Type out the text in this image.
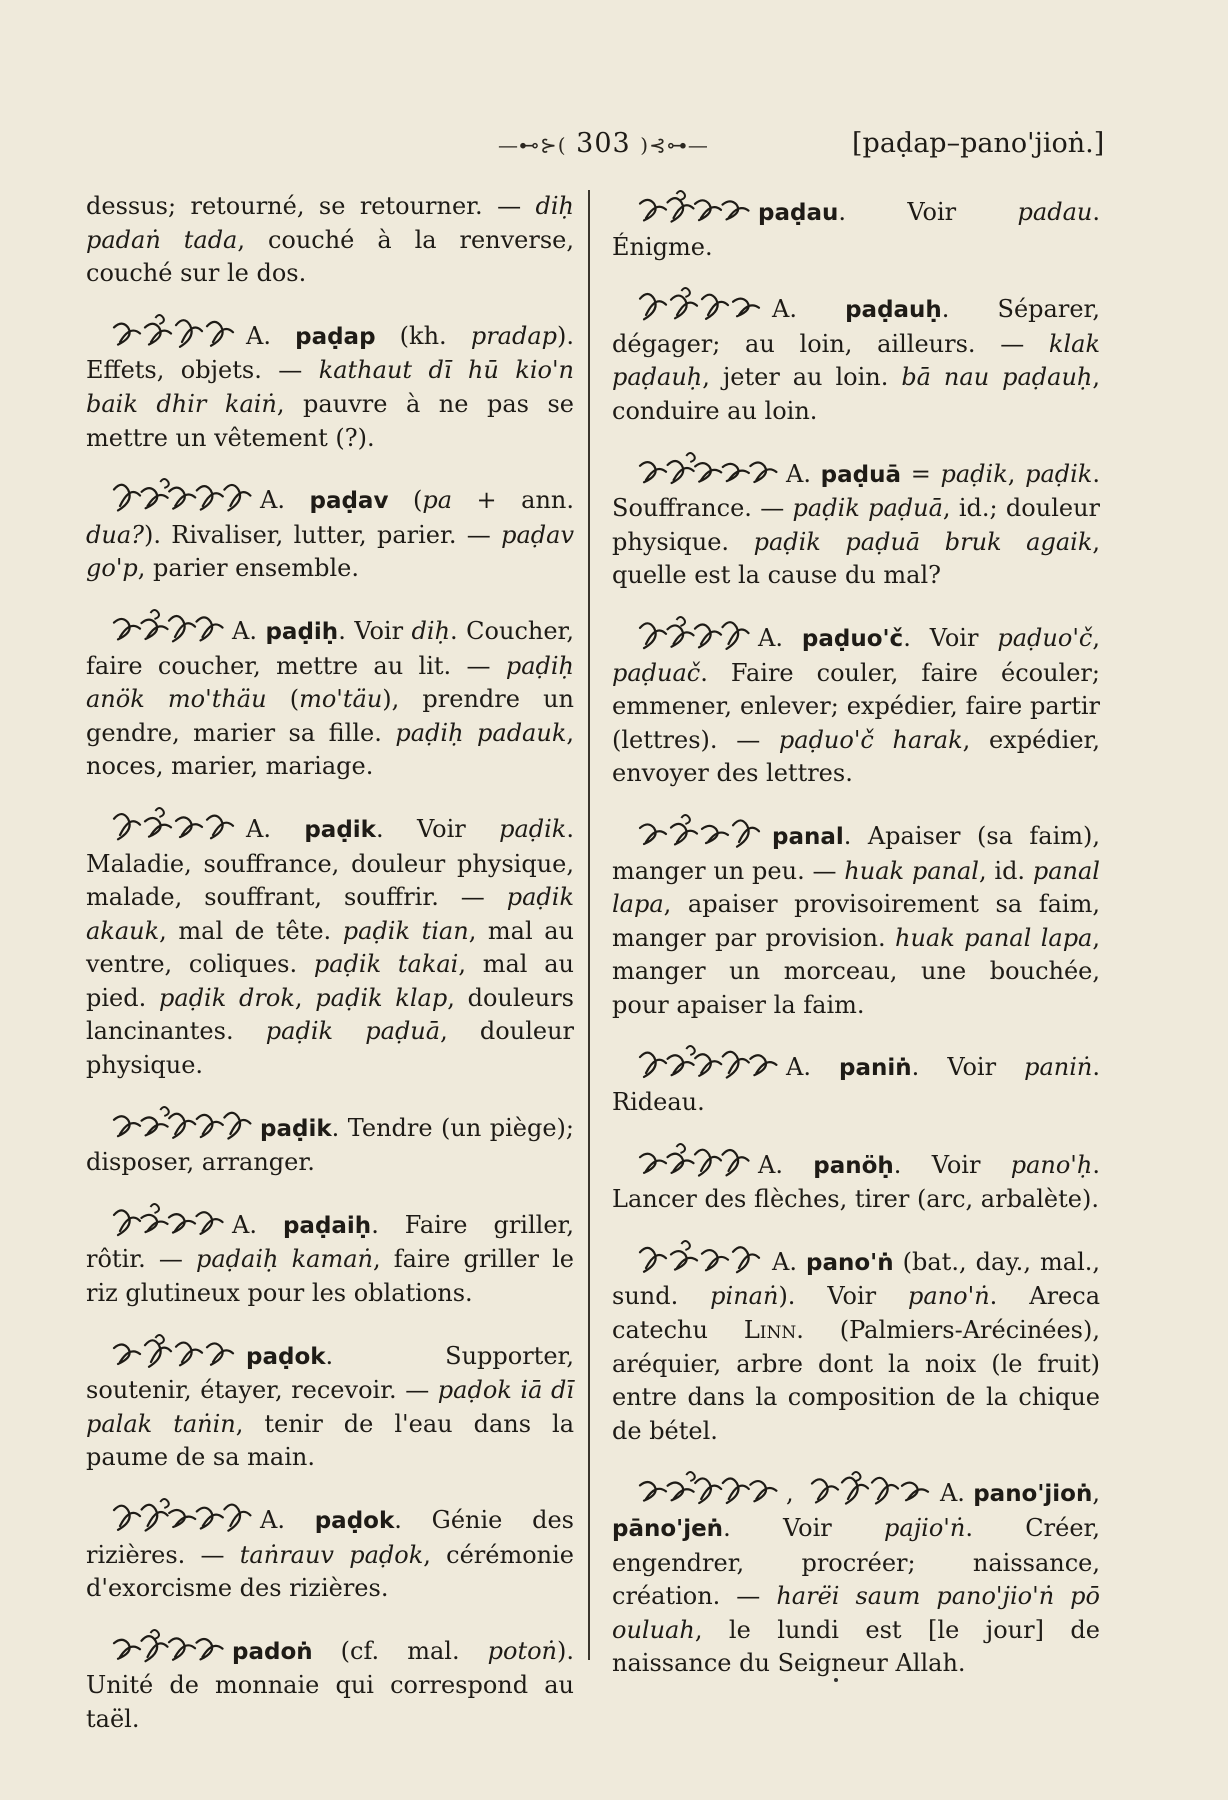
—⊷⊱( 303 )⊰⊶—	[paḍap–pano'jioṅ.]

dessus; retourné, se retourner. — diḥ padaṅ tada, couché à la renverse, couché sur le dos.

A. paḍap (kh. pradap). Effets, objets. — kathaut dī hū kio'n baik dhir kaiṅ, pauvre à ne pas se mettre un vêtement (?).

A. paḍav (pa + ann. dua?). Rivaliser, lutter, parier. — paḍav go'p, parier ensemble.

A. paḍiḥ. Voir diḥ. Coucher, faire coucher, mettre au lit. — paḍiḥ anök mo'thäu (mo'täu), prendre un gendre, marier sa fille. paḍiḥ padauk, noces, marier, mariage.

A. paḍik. Voir paḍik. Maladie, souffrance, douleur physique, malade, souffrant, souffrir. — paḍik akauk, mal de tête. paḍik tian, mal au ventre, coliques. paḍik takai, mal au pied. paḍik drok, paḍik klap, douleurs lancinantes. paḍik paḍuā, douleur physique.

paḍik. Tendre (un piège); disposer, arranger.

A. paḍaiḥ. Faire griller, rôtir. — paḍaiḥ kamaṅ, faire griller le riz glutineux pour les oblations.

paḍok. Supporter, soutenir, étayer, recevoir. — paḍok iā dī palak taṅin, tenir de l'eau dans la paume de sa main.

A. paḍok. Génie des rizières. — taṅrauv paḍok, cérémonie d'exorcisme des rizières.

padoṅ (cf. mal. potoṅ). Unité de monnaie qui correspond au taël.

paḍau. Voir padau. Énigme.

A. paḍauḥ. Séparer, dégager; au loin, ailleurs. — klak paḍauḥ, jeter au loin. bā nau paḍauḥ, conduire au loin.

A. paḍuā = paḍik, paḍik. Souffrance. — paḍik paḍuā, id.; douleur physique. paḍik paḍuā bruk agaik, quelle est la cause du mal?

A. paḍuo'č. Voir paḍuo'č, paḍuač. Faire couler, faire écouler; emmener, enlever; expédier, faire partir (lettres). — paḍuo'č harak, expédier, envoyer des lettres.

panal. Apaiser (sa faim), manger un peu. — huak panal, id. panal lapa, apaiser provisoirement sa faim, manger par provision. huak panal lapa, manger un morceau, une bouchée, pour apaiser la faim.

A. paniṅ. Voir paniṅ. Rideau.

A. panöḥ. Voir pano'ḥ. Lancer des flèches, tirer (arc, arbalète).

A. pano'ṅ (bat., day., mal., sund. pinaṅ). Voir pano'ṅ. Areca catechu Linn. (Palmiers-Arécinées), aréquier, arbre dont la noix (le fruit) entre dans la composition de la chique de bétel.

,	A. pano'jioṅ, pāno'jeṅ. Voir pajio'ṅ. Créer, engendrer, procréer; naissance, création. — harëi saum pano'jio'ṅ pō ouluah, le lundi est [le jour] de naissance du Seigneur Allah.
